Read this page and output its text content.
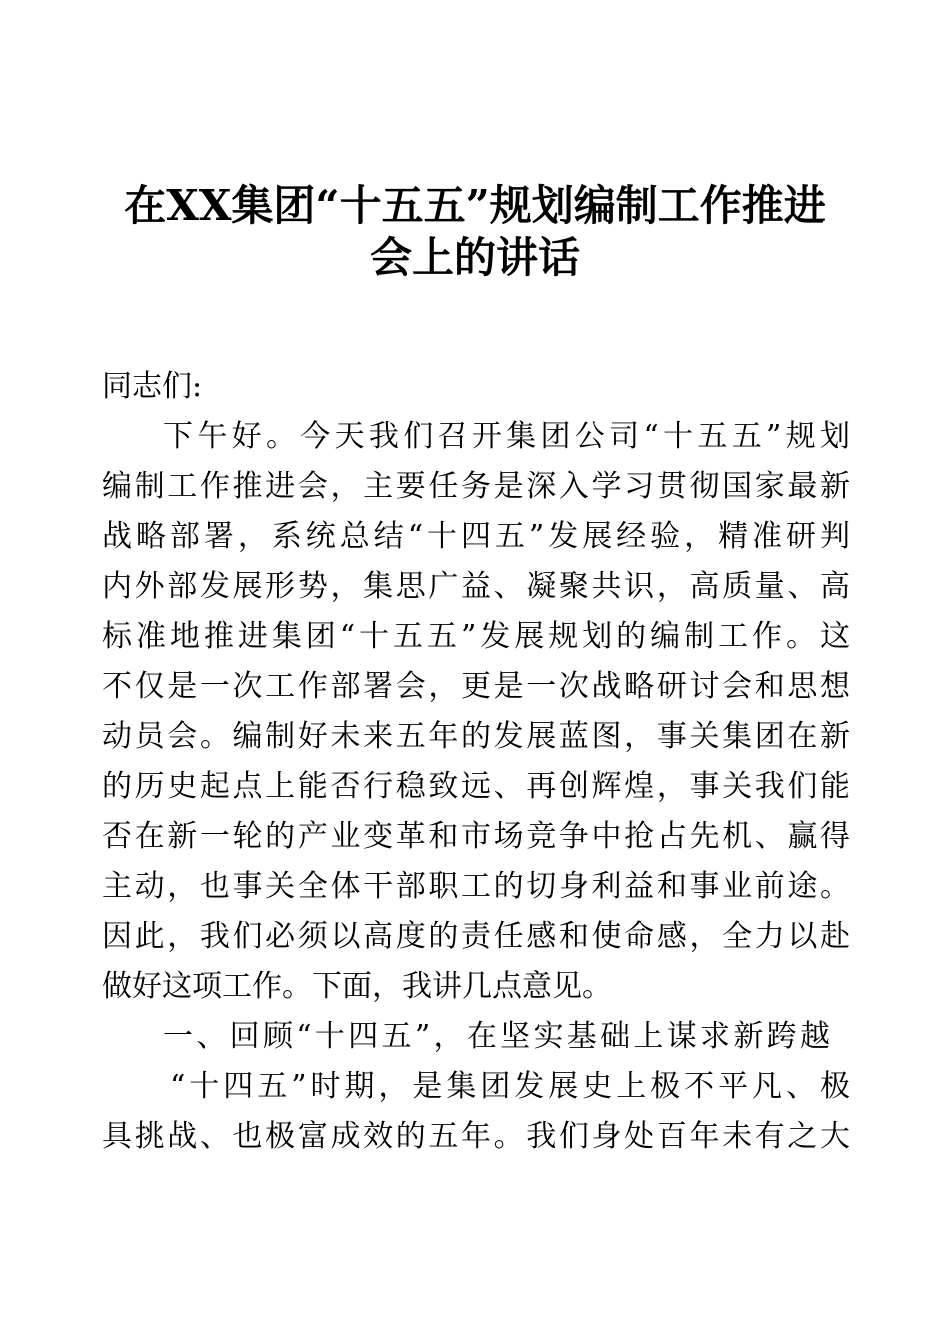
在XX集团“十五五”规划编制工作推进
会上的讲话

同志们:

下午好。今天我们召开集团公司“十五五”规划

编制工作推进会，主要任务是深入学习贯彻国家最新

战略部署，系统总结“十四五”发展经验，精准研判

内外部发展形势，集思广益、凝聚共识，高质量、高

标准地推进集团“十五五”发展规划的编制工作。这

不仅是一次工作部署会，更是一次战略研讨会和思想

动员会。编制好未来五年的发展蓝图，事关集团在新

的历史起点上能否行稳致远、再创辉煌，事关我们能

否在新一轮的产业变革和市场竞争中抢占先机、赢得

主动，也事关全体干部职工的切身利益和事业前途。

因此，我们必须以高度的责任感和使命感，全力以赴

做好这项工作。下面，我讲几点意见。

一、回顾“十四五”，在坚实基础上谋求新跨越

“十四五”时期，是集团发展史上极不平凡、极

具挑战、也极富成效的五年。我们身处百年未有之大
